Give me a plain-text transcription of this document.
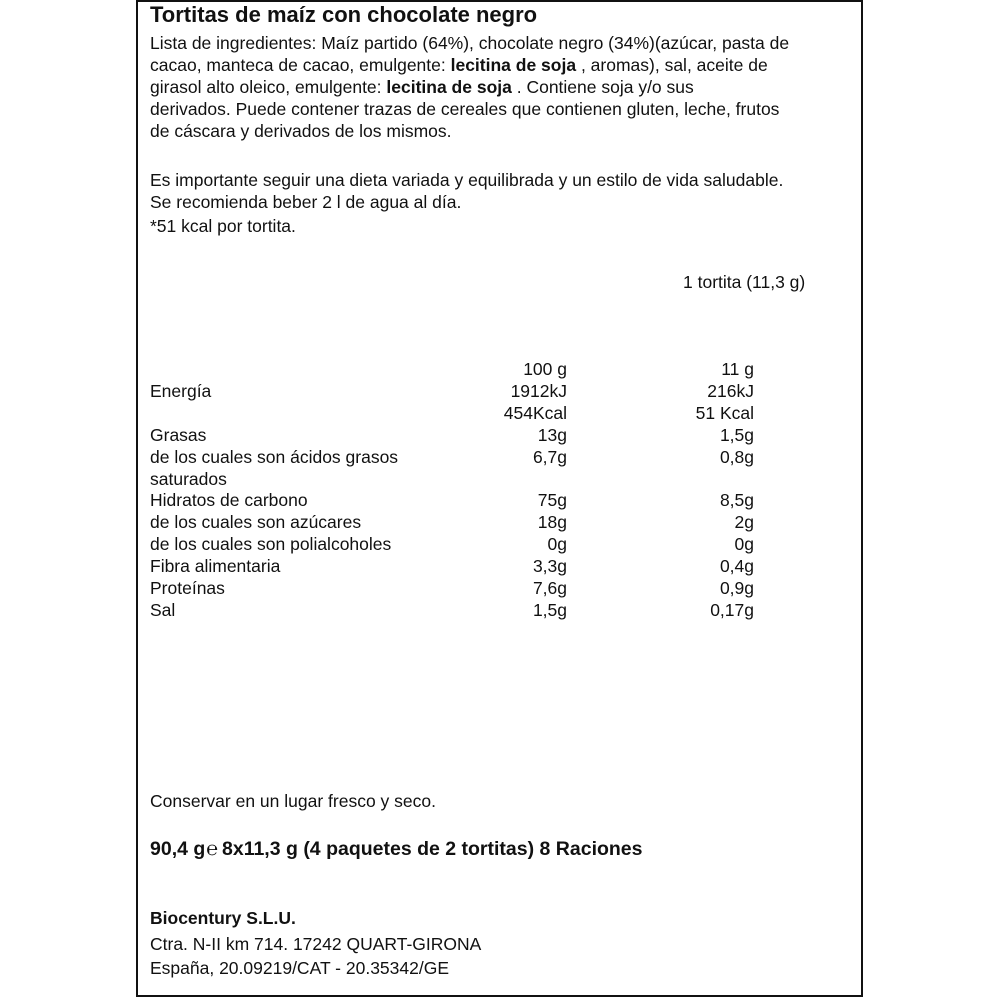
Tortitas de maíz con chocolate negro
Lista de ingredientes: Maíz partido (64%), chocolate negro (34%)(azúcar, pasta de
cacao, manteca de cacao, emulgente: lecitina de soja , aromas), sal, aceite de
girasol alto oleico, emulgente: lecitina de soja . Contiene soja y/o sus
derivados. Puede contener trazas de cereales que contienen gluten, leche, frutos
de cáscara y derivados de los mismos.
Es importante seguir una dieta variada y equilibrada y un estilo de vida saludable.
Se recomienda beber 2 l de agua al día.
*51 kcal por tortita.
1 tortita (11,3 g)
100 g	11 g
Energía	1912kJ	216kJ
454Kcal	51 Kcal
Grasas	13g	1,5g
de los cuales son ácidos grasos	6,7g	0,8g
saturados
Hidratos de carbono	75g	8,5g
de los cuales son azúcares	18g	2g
de los cuales son polialcoholes	0g	0g
Fibra alimentaria	3,3g	0,4g
Proteínas	7,6g	0,9g
Sal	1,5g	0,17g
Conservar en un lugar fresco y seco.
90,4 g℮ 8x11,3 g (4 paquetes de 2 tortitas) 8 Raciones
Biocentury S.L.U.
Ctra. N-II km 714. 17242 QUART-GIRONA
España, 20.09219/CAT - 20.35342/GE
